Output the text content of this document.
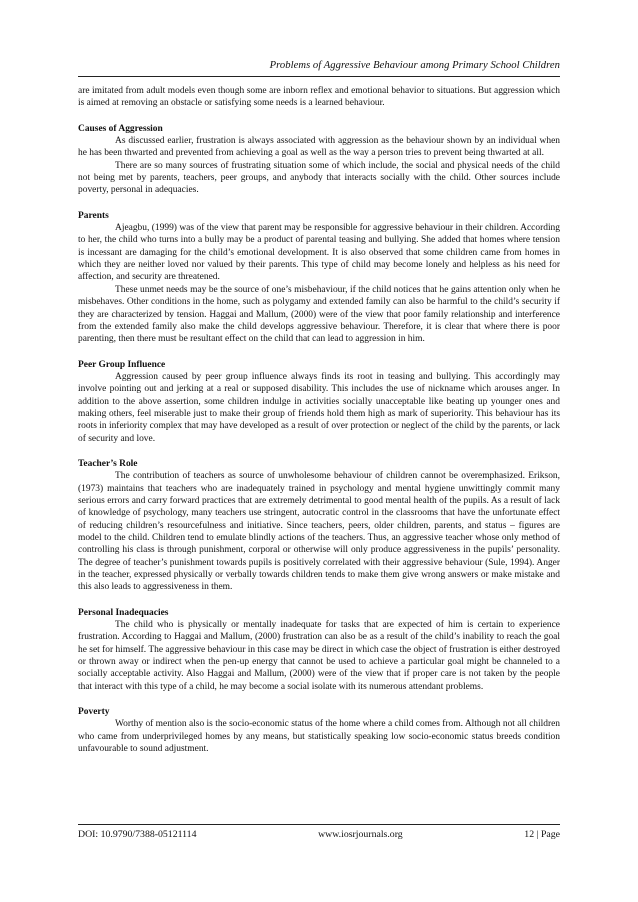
Problems of Aggressive Behaviour among Primary School Children

are imitated from adult models even though some are inborn reflex and emotional behavior to situations. But aggression which is aimed at removing an obstacle or satisfying some needs is a learned behaviour.

Causes of Aggression

As discussed earlier, frustration is always associated with aggression as the behaviour shown by an individual when he has been thwarted and prevented from achieving a goal as well as the way a person tries to prevent being thwarted at all.

There are so many sources of frustrating situation some of which include, the social and physical needs of the child not being met by parents, teachers, peer groups, and anybody that interacts socially with the child. Other sources include poverty, personal in adequacies.

Parents

Ajeagbu, (1999) was of the view that parent may be responsible for aggressive behaviour in their children. According to her, the child who turns into a bully may be a product of parental teasing and bullying. She added that homes where tension is incessant are damaging for the child’s emotional development. It is also observed that some children came from homes in which they are neither loved nor valued by their parents. This type of child may become lonely and helpless as his need for affection, and security are threatened.

These unmet needs may be the source of one’s misbehaviour, if the child notices that he gains attention only when he misbehaves. Other conditions in the home, such as polygamy and extended family can also be harmful to the child’s security if they are characterized by tension. Haggai and Mallum, (2000) were of the view that poor family relationship and interference from the extended family also make the child develops aggressive behaviour. Therefore, it is clear that where there is poor parenting, then there must be resultant effect on the child that can lead to aggression in him.

Peer Group Influence

Aggression caused by peer group influence always finds its root in teasing and bullying. This accordingly may involve pointing out and jerking at a real or supposed disability. This includes the use of nickname which arouses anger. In addition to the above assertion, some children indulge in activities socially unacceptable like beating up younger ones and making others, feel miserable just to make their group of friends hold them high as mark of superiority. This behaviour has its roots in inferiority complex that may have developed as a result of over protection or neglect of the child by the parents, or lack of security and love.

Teacher’s Role

The contribution of teachers as source of unwholesome behaviour of children cannot be overemphasized. Erikson, (1973) maintains that teachers who are inadequately trained in psychology and mental hygiene unwittingly commit many serious errors and carry forward practices that are extremely detrimental to good mental health of the pupils. As a result of lack of knowledge of psychology, many teachers use stringent, autocratic control in the classrooms that have the unfortunate effect of reducing children’s resourcefulness and initiative. Since teachers, peers, older children, parents, and status – figures are model to the child. Children tend to emulate blindly actions of the teachers. Thus, an aggressive teacher whose only method of controlling his class is through punishment, corporal or otherwise will only produce aggressiveness in the pupils’ personality. The degree of teacher’s punishment towards pupils is positively correlated with their aggressive behaviour (Sule, 1994). Anger in the teacher, expressed physically or verbally towards children tends to make them give wrong answers or make mistake and this also leads to aggressiveness in them.

Personal Inadequacies

The child who is physically or mentally inadequate for tasks that are expected of him is certain to experience frustration. According to Haggai and Mallum, (2000) frustration can also be as a result of the child’s inability to reach the goal he set for himself. The aggressive behaviour in this case may be direct in which case the object of frustration is either destroyed or thrown away or indirect when the pen-up energy that cannot be used to achieve a particular goal might be channeled to a socially acceptable activity. Also Haggai and Mallum, (2000) were of the view that if proper care is not taken by the people that interact with this type of a child, he may become a social isolate with its numerous attendant problems.

Poverty

Worthy of mention also is the socio-economic status of the home where a child comes from. Although not all children who came from underprivileged homes by any means, but statistically speaking low socio-economic status breeds condition unfavourable to sound adjustment.

DOI: 10.9790/7388-05121114	www.iosrjournals.org	12 | Page
